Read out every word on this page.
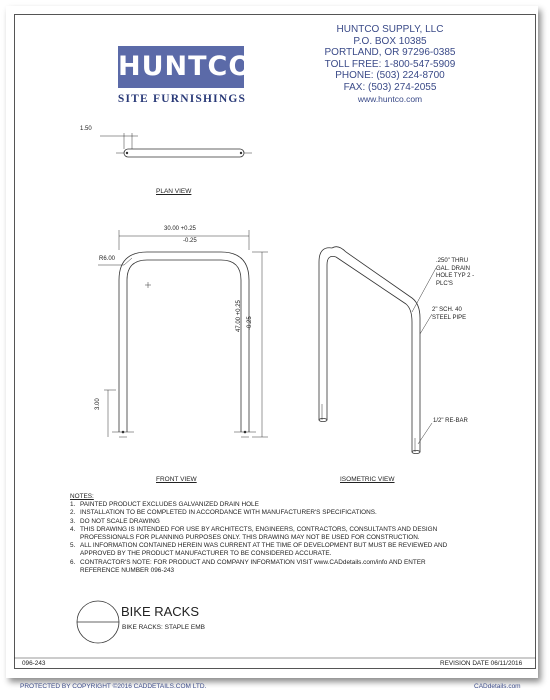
HUNTCO
SITE FURNISHINGS
HUNTCO SUPPLY, LLC
P.O. BOX 10385
PORTLAND, OR 97296-0385
TOLL FREE: 1-800-547-5909
PHONE: (503) 224-8700
FAX: (503) 274-2055
www.huntco.com
1.50
PLAN VIEW
30.00 +0.25
-0.25
R6.00
47.00 +0.25 -0.25
3.00
FRONT VIEW
.250" THRU
GAL. DRAIN
HOLE TYP 2 -
PLC'S
2" SCH. 40
STEEL PIPE
1/2" RE-BAR
ISOMETRIC VIEW
NOTES:
1. PAINTED PRODUCT EXCLUDES GALVANIZED DRAIN HOLE
2. INSTALLATION TO BE COMPLETED IN ACCORDANCE WITH MANUFACTURER'S SPECIFICATIONS.
3. DO NOT SCALE DRAWING
4. THIS DRAWING IS INTENDED FOR USE BY ARCHITECTS, ENGINEERS, CONTRACTORS, CONSULTANTS AND DESIGN
PROFESSIONALS FOR PLANNING PURPOSES ONLY. THIS DRAWING MAY NOT BE USED FOR CONSTRUCTION.
5. ALL INFORMATION CONTAINED HEREIN WAS CURRENT AT THE TIME OF DEVELOPMENT BUT MUST BE REVIEWED AND
APPROVED BY THE PRODUCT MANUFACTURER TO BE CONSIDERED ACCURATE.
6. CONTRACTOR'S NOTE: FOR PRODUCT AND COMPANY INFORMATION VISIT www.CADdetails.com/info AND ENTER
REFERENCE NUMBER 096-243
BIKE RACKS
BIKE RACKS: STAPLE EMB
096-243	REVISION DATE 06/11/2016
PROTECTED BY COPYRIGHT ©2016 CADDETAILS.COM LTD.	CADdetails.com
